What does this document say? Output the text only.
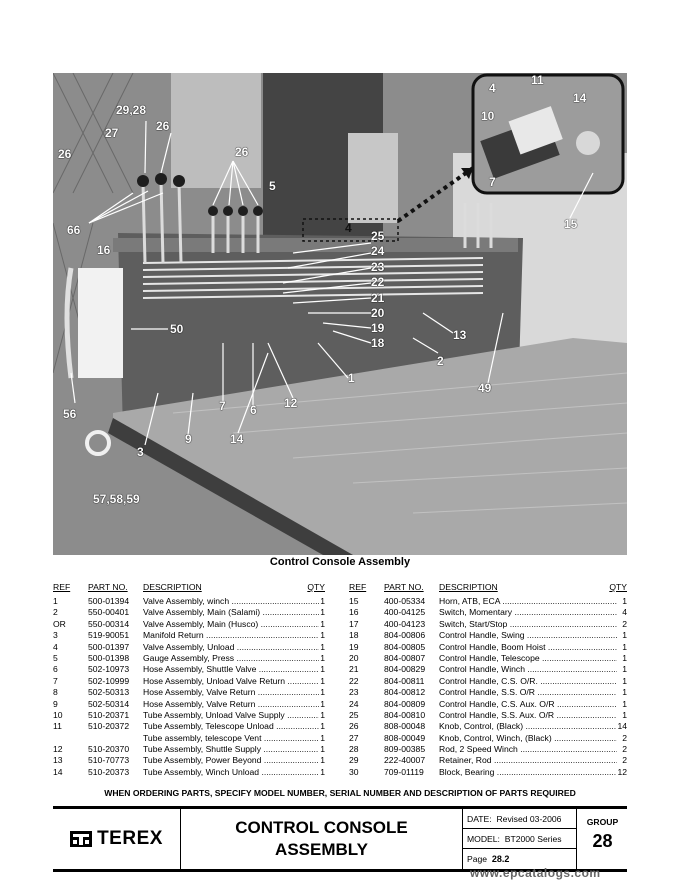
29,28
27
26
26
26
66
16
5
4
25
24
23
22
21
20
19
18
50	13
2
1
49
56
7 6 12
14
3
9
57,58,59
15
4
11
14
10
7
Control Console Assembly
REF PART NO. DESCRIPTION	QTY
1	500-01394 Valve Assembly, winch .....	1
2	550-00401 Valve Assembly, Main (Salami) .....	1
OR	550-00314 Valve Assembly, Main (Husco) .....	1
3	519-90051 Manifold Return .....	1
4	500-01397 Valve Assembly, Unload .....	1
5	500-01398 Gauge Assembly, Press .....	1
6	502-10973 Hose Assembly, Shuttle Valve .....	1
7	502-10999 Hose Assembly, Unload Valve Return .....	1
8	502-50313 Hose Assembly, Valve Return .....	1
9	502-50314 Hose Assembly, Valve Return .....	1
10	510-20371 Tube Assembly, Unload Valve Supply .....	1
11	510-20372 Tube Assembly, Telescope Unload .....	1
Tube assembly, telescope Vent .....	1
12	510-20370 Tube Assembly, Shuttle Supply .....	1
13	510-70773 Tube Assembly, Power Beyond .....	1
14	510-20373 Tube Assembly, Winch Unload .....	1
REF PART NO. DESCRIPTION	QTY
15	400-05334 Horn, ATB, ECA .....	1
16	400-04125 Switch, Momentary .....	4
17	400-04123 Switch, Start/Stop .....	2
18	804-00806 Control Handle, Swing .....	1
19	804-00805 Control Handle, Boom Hoist .....	1
20	804-00807 Control Handle, Telescope .....	1
21	804-00829 Control Handle, Winch .....	1
22	804-00811 Control Handle, C.S. O/R. .....	1
23	804-00812 Control Handle, S.S. O/R .....	1
24	804-00809 Control Handle, C.S. Aux. O/R .....	1
25	804-00810 Control Handle, S.S. Aux. O/R .....	1
26	808-00048 Knob, Control, (Black) .....	14
27	808-00049 Knob, Control, Winch, (Black) .....	2
28	809-00385 Rod, 2 Speed Winch .....	2
29	222-40007 Retainer, Rod .....	2
30	709-01119 Block, Bearing .....	12
WHEN ORDERING PARTS, SPECIFY MODEL NUMBER, SERIAL NUMBER AND DESCRIPTION OF PARTS REQUIRED
TEREX
CONTROL CONSOLE
ASSEMBLY
DATE: Revised 03-2006
MODEL: BT2000 Series
Page 28.2
GROUP
28
www.epcatalogs.com
